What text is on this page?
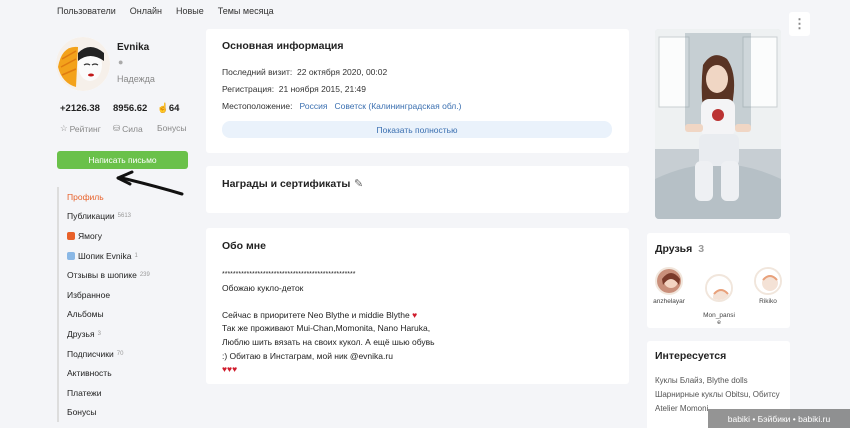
Пользователи Онлайн Новые Темы месяца
⋮
Evnika
●
Надежда
+2126.38
☆ Рейтинг
8956.62
⛁ Сила
☝64
Бонусы
Написать письмо
Профиль
Публикации 5613
Ямогу
Шопик Evnika 1
Отзывы в шопике 239
Избранное
Альбомы
Друзья 3
Подписчики 70
Активность
Платежи
Бонусы
Основная информация
Последний визит: 22 октября 2020, 00:02
Регистрация: 21 ноября 2015, 21:49
Местоположение: Россия Советск (Калининградская обл.)
Показать полностью
Награды и сертификаты ✎
Обо мне
*************************************************
Обожаю кукло-деток

Сейчас в приоритете Neo Blythe и middie Blythe ♥
Так же проживают Mui-Chan,Momonita, Nano Haruka,
Люблю шить вязать на своих кукол. А ещё шью обувь
:) Обитаю в Инстаграм, мой ник @evnika.ru
♥♥♥
Друзья 3
anzhelayar

Mon_pansi
е

Rikiko
Интересуется
Куклы Блайз, Blythe dolls
Шарнирные куклы Obitsu, Обитсу
Atelier Momoni
babiki • Бэйбики • babiki.ru
